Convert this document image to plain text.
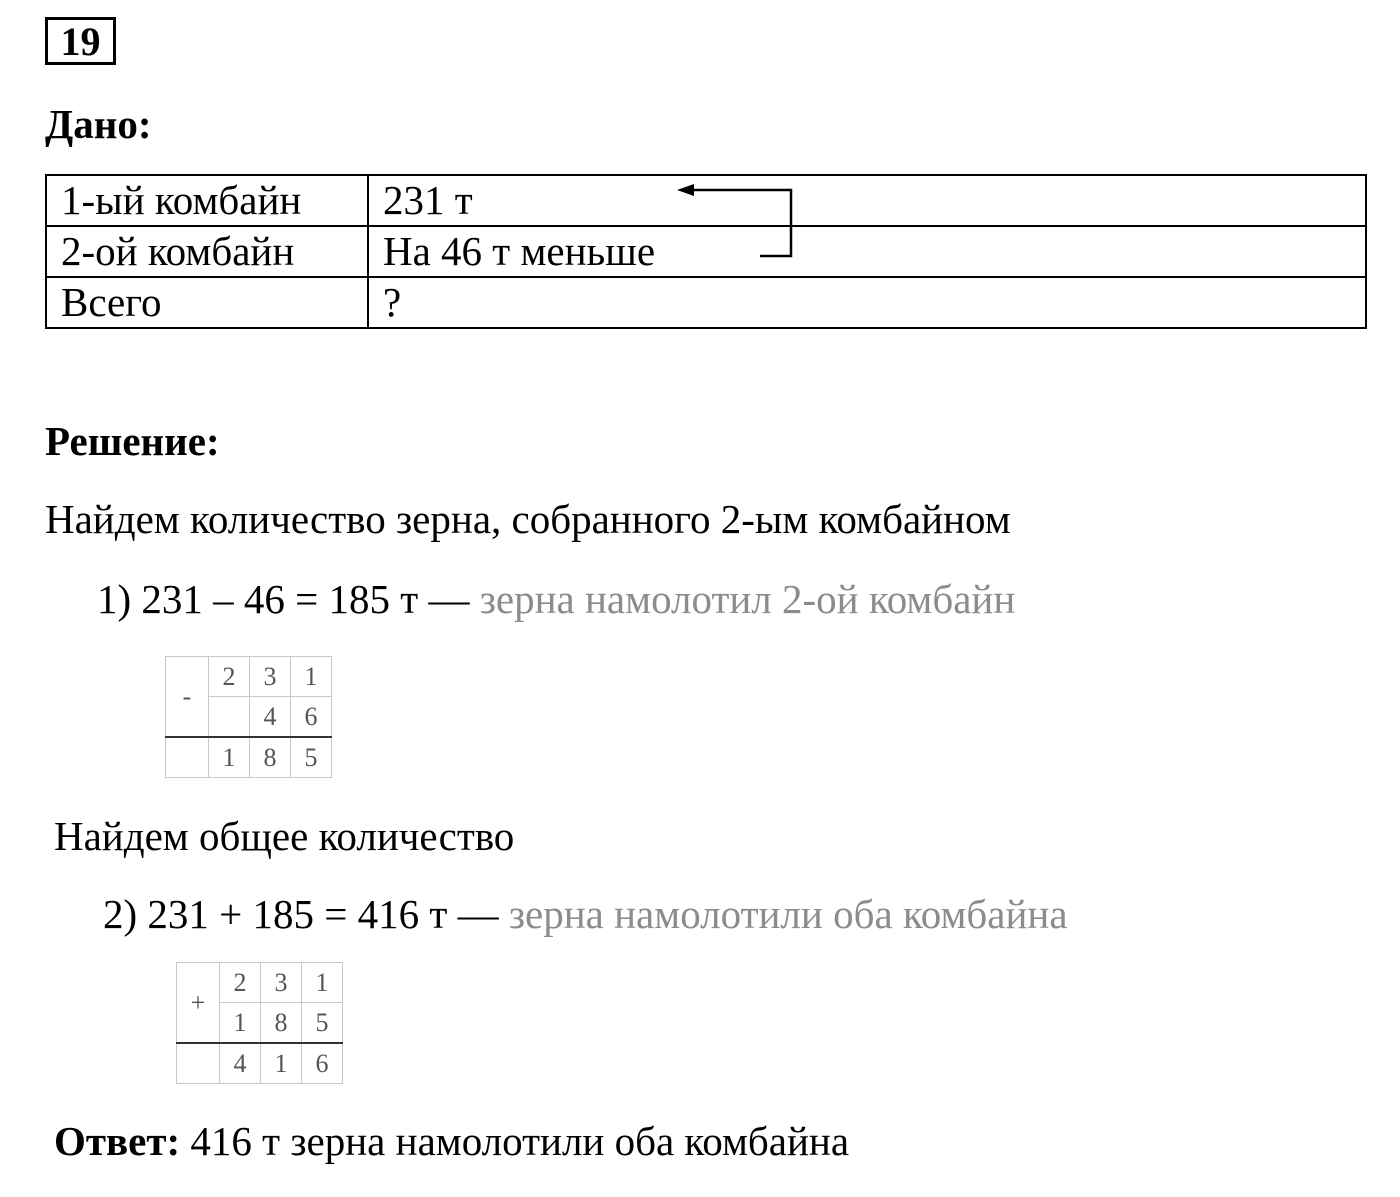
19
Дано:
1-ый комбайн	231 т
2-ой комбайн	На 46 т меньше
Всего	?
Решение:
Найдем количество зерна, собранного 2-ым комбайном
1) 231 – 46 = 185 т — зерна намолотил 2-ой комбайн
-	2	3	1
		4	6
	1	8	5
Найдем общее количество
2) 231 + 185 = 416 т — зерна намолотили оба комбайна
+	2	3	1
	1	8	5
	4	1	6
Ответ: 416 т зерна намолотили оба комбайна
